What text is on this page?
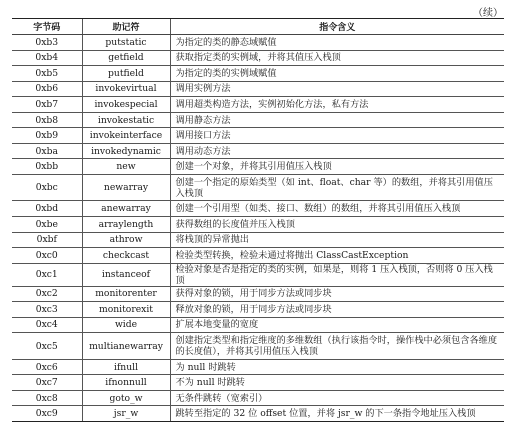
（续）
字节码	助记符	指令含义
0xb3	putstatic	为指定的类的静态域赋值
0xb4	getfield	获取指定类的实例域，并将其值压入栈顶
0xb5	putfield	为指定的类的实例域赋值
0xb6	invokevirtual	调用实例方法
0xb7	invokespecial	调用超类构造方法，实例初始化方法，私有方法
0xb8	invokestatic	调用静态方法
0xb9	invokeinterface	调用接口方法
0xba	invokedynamic	调用动态方法
0xbb	new	创建一个对象，并将其引用值压入栈顶
0xbc	newarray	创建一个指定的原始类型（如 int、float、char 等）的数组，并将其引用值压入栈顶
0xbd	anewarray	创建一个引用型（如类、接口、数组）的数组，并将其引用值压入栈顶
0xbe	arraylength	获得数组的长度值并压入栈顶
0xbf	athrow	将栈顶的异常抛出
0xc0	checkcast	检验类型转换，检验未通过将抛出 ClassCastException
0xc1	instanceof	检验对象是否是指定的类的实例，如果是，则将 1 压入栈顶，否则将 0 压入栈顶
0xc2	monitorenter	获得对象的锁，用于同步方法或同步块
0xc3	monitorexit	释放对象的锁，用于同步方法或同步块
0xc4	wide	扩展本地变量的宽度
0xc5	multianewarray	创建指定类型和指定维度的多维数组（执行该指令时，操作栈中必须包含各维度的长度值），并将其引用值压入栈顶
0xc6	ifnull	为 null 时跳转
0xc7	ifnonnull	不为 null 时跳转
0xc8	goto_w	无条件跳转（宽索引）
0xc9	jsr_w	跳转至指定的 32 位 offset 位置，并将 jsr_w 的下一条指令地址压入栈顶
